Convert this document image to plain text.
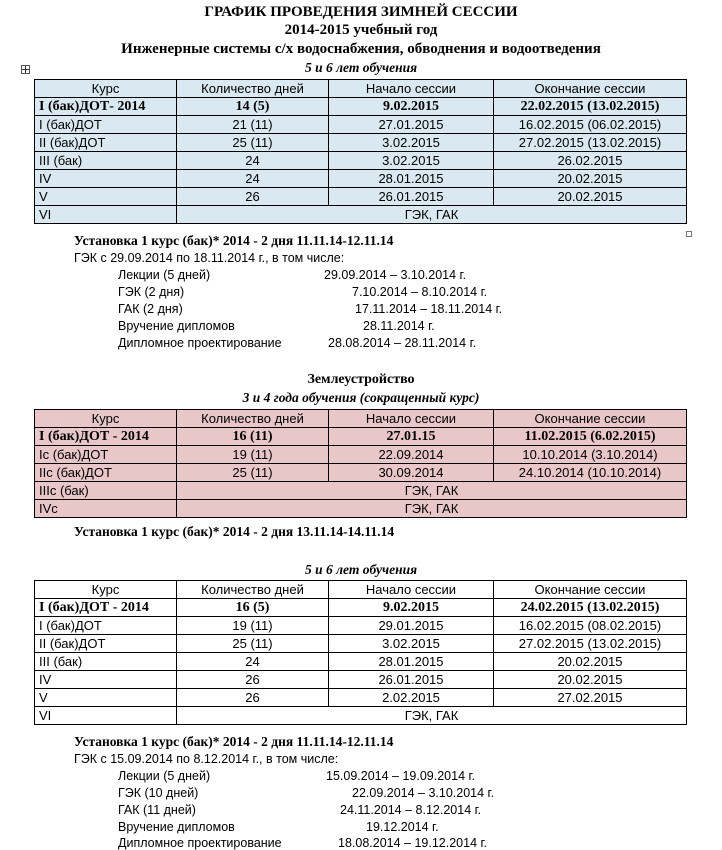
ГРАФИК ПРОВЕДЕНИЯ ЗИМНЕЙ СЕССИИ
2014-2015 учебный год
Инженерные системы с/х водоснабжения, обводнения и водоотведения
5 и 6 лет обучения
Курс	Количество дней	Начало сессии	Окончание сессии
I (бак)ДОТ- 2014	14 (5)	9.02.2015	22.02.2015 (13.02.2015)
I (бак)ДОТ	21 (11)	27.01.2015	16.02.2015 (06.02.2015)
II (бак)ДОТ	25 (11)	3.02.2015	27.02.2015 (13.02.2015)
III (бак)	24	3.02.2015	26.02.2015
IV	24	28.01.2015	20.02.2015
V	26	26.01.2015	20.02.2015
VI	ГЭК, ГАК		
Установка 1 курс (бак)* 2014 - 2 дня 11.11.14-12.11.14
ГЭК с 29.09.2014 по 18.11.2014 г., в том числе:
Лекции (5 дней)	29.09.2014 – 3.10.2014 г.
ГЭК (2 дня)	7.10.2014 – 8.10.2014 г.
ГАК (2 дня)	17.11.2014 – 18.11.2014 г.
Вручение дипломов	28.11.2014 г.
Дипломное проектирование	28.08.2014 – 28.11.2014 г.
Землеустройство
3 и 4 года обучения (сокращенный курс)
Курс	Количество дней	Начало сессии	Окончание сессии
I (бак)ДОТ - 2014	16 (11)	27.01.15	11.02.2015 (6.02.2015)
Iс (бак)ДОТ	19 (11)	22.09.2014	10.10.2014 (3.10.2014)
IIс (бак)ДОТ	25 (11)	30.09.2014	24.10.2014 (10.10.2014)
IIIс (бак)	ГЭК, ГАК		
IVс	ГЭК, ГАК		
Установка 1 курс (бак)* 2014 - 2 дня 13.11.14-14.11.14
5 и 6 лет обучения
Курс	Количество дней	Начало сессии	Окончание сессии
I (бак)ДОТ - 2014	16 (5)	9.02.2015	24.02.2015 (13.02.2015)
I (бак)ДОТ	19 (11)	29.01.2015	16.02.2015 (08.02.2015)
II (бак)ДОТ	25 (11)	3.02.2015	27.02.2015 (13.02.2015)
III (бак)	24	28.01.2015	20.02.2015
IV	26	26.01.2015	20.02.2015
V	26	2.02.2015	27.02.2015
VI	ГЭК, ГАК		
Установка 1 курс (бак)* 2014 - 2 дня 11.11.14-12.11.14
ГЭК с 15.09.2014 по 8.12.2014 г., в том числе:
Лекции (5 дней)	15.09.2014 – 19.09.2014 г.
ГЭК (10 дней)	22.09.2014 – 3.10.2014 г.
ГАК (11 дней)	24.11.2014 – 8.12.2014 г.
Вручение дипломов	19.12.2014 г.
Дипломное проектирование	18.08.2014 – 19.12.2014 г.
